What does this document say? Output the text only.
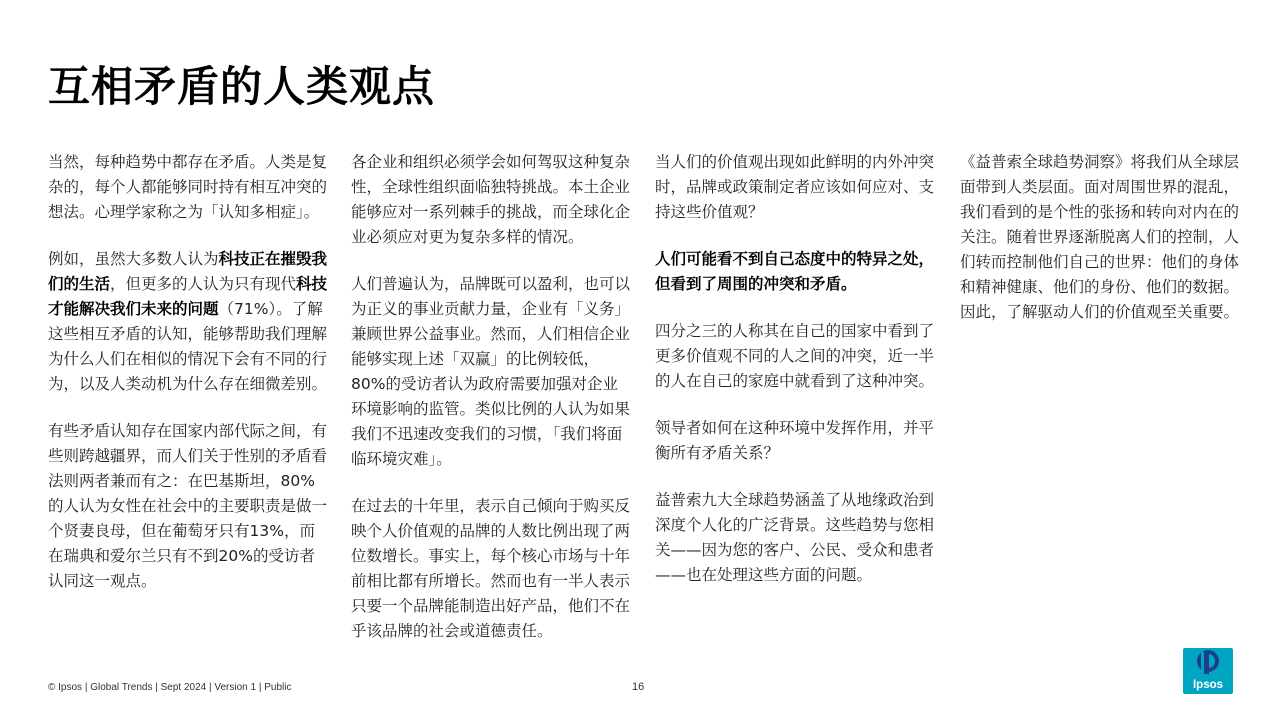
互相矛盾的人类观点

当然，每种趋势中都存在矛盾。人类是复杂的，每个人都能够同时持有相互冲突的想法。心理学家称之为「认知多相症」。

例如，虽然大多数人认为科技正在摧毁我们的生活，但更多的人认为只有现代科技才能解决我们未来的问题（71%）。了解这些相互矛盾的认知，能够帮助我们理解为什么人们在相似的情况下会有不同的行为，以及人类动机为什么存在细微差别。

有些矛盾认知存在国家内部代际之间，有些则跨越疆界，而人们关于性别的矛盾看法则两者兼而有之：在巴基斯坦，80%的人认为女性在社会中的主要职责是做一个贤妻良母，但在葡萄牙只有13%，而在瑞典和爱尔兰只有不到20%的受访者认同这一观点。

各企业和组织必须学会如何驾驭这种复杂性，全球性组织面临独特挑战。本土企业能够应对一系列棘手的挑战，而全球化企业必须应对更为复杂多样的情况。

人们普遍认为，品牌既可以盈利，也可以为正义的事业贡献力量，企业有「义务」兼顾世界公益事业。然而，人们相信企业能够实现上述「双赢」的比例较低，80%的受访者认为政府需要加强对企业环境影响的监管。类似比例的人认为如果我们不迅速改变我们的习惯，「我们将面临环境灾难」。

在过去的十年里，表示自己倾向于购买反映个人价值观的品牌的人数比例出现了两位数增长。事实上，每个核心市场与十年前相比都有所增长。然而也有一半人表示只要一个品牌能制造出好产品，他们不在乎该品牌的社会或道德责任。

当人们的价值观出现如此鲜明的内外冲突时，品牌或政策制定者应该如何应对、支持这些价值观？

人们可能看不到自己态度中的特异之处，但看到了周围的冲突和矛盾。

四分之三的人称其在自己的国家中看到了更多价值观不同的人之间的冲突，近一半的人在自己的家庭中就看到了这种冲突。

领导者如何在这种环境中发挥作用，并平衡所有矛盾关系？

益普索九大全球趋势涵盖了从地缘政治到深度个人化的广泛背景。这些趋势与您相关——因为您的客户、公民、受众和患者——也在处理这些方面的问题。

《益普索全球趋势洞察》将我们从全球层面带到人类层面。面对周围世界的混乱，我们看到的是个性的张扬和转向对内在的关注。随着世界逐渐脱离人们的控制，人们转而控制他们自己的世界：他们的身体和精神健康、他们的身份、他们的数据。因此，了解驱动人们的价值观至关重要。

© Ipsos | Global Trends | Sept 2024 | Version 1 | Public	16	Ipsos
